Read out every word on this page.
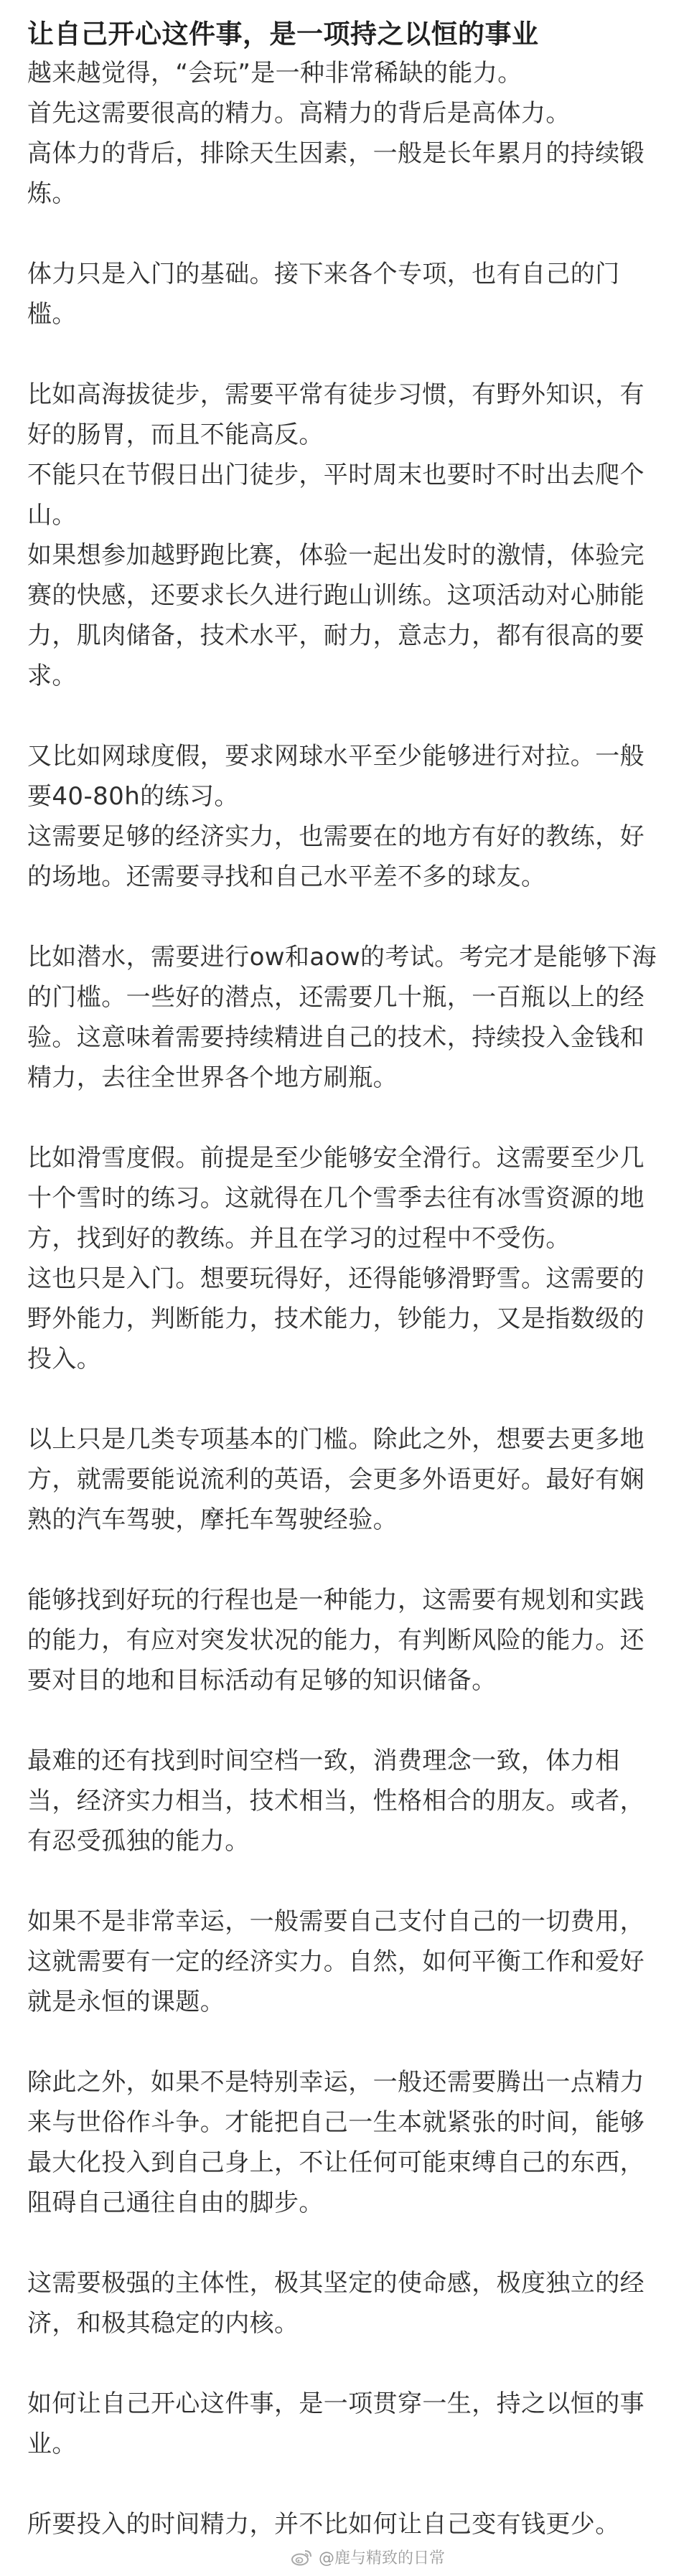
让自己开心这件事，是一项持之以恒的事业

越来越觉得，“会玩”是一种非常稀缺的能力。

首先这需要很高的精力。高精力的背后是高体力。

高体力的背后，排除天生因素，一般是长年累月的持续锻炼。

体力只是入门的基础。接下来各个专项，也有自己的门槛。

比如高海拔徒步，需要平常有徒步习惯，有野外知识，有好的肠胃，而且不能高反。

不能只在节假日出门徒步，平时周末也要时不时出去爬个山。

如果想参加越野跑比赛，体验一起出发时的激情，体验完赛的快感，还要求长久进行跑山训练。这项活动对心肺能力，肌肉储备，技术水平，耐力，意志力，都有很高的要求。

又比如网球度假，要求网球水平至少能够进行对拉。一般要40-80h的练习。

这需要足够的经济实力，也需要在的地方有好的教练，好的场地。还需要寻找和自己水平差不多的球友。

比如潜水，需要进行ow和aow的考试。考完才是能够下海的门槛。一些好的潜点，还需要几十瓶，一百瓶以上的经验。这意味着需要持续精进自己的技术，持续投入金钱和精力，去往全世界各个地方刷瓶。

比如滑雪度假。前提是至少能够安全滑行。这需要至少几十个雪时的练习。这就得在几个雪季去往有冰雪资源的地方，找到好的教练。并且在学习的过程中不受伤。

这也只是入门。想要玩得好，还得能够滑野雪。这需要的野外能力，判断能力，技术能力，钞能力，又是指数级的投入。

以上只是几类专项基本的门槛。除此之外，想要去更多地方，就需要能说流利的英语，会更多外语更好。最好有娴熟的汽车驾驶，摩托车驾驶经验。

能够找到好玩的行程也是一种能力，这需要有规划和实践的能力，有应对突发状况的能力，有判断风险的能力。还要对目的地和目标活动有足够的知识储备。

最难的还有找到时间空档一致，消费理念一致，体力相当，经济实力相当，技术相当，性格相合的朋友。或者，有忍受孤独的能力。

如果不是非常幸运，一般需要自己支付自己的一切费用，这就需要有一定的经济实力。自然，如何平衡工作和爱好就是永恒的课题。

除此之外，如果不是特别幸运，一般还需要腾出一点精力来与世俗作斗争。才能把自己一生本就紧张的时间，能够最大化投入到自己身上，不让任何可能束缚自己的东西，阻碍自己通往自由的脚步。

这需要极强的主体性，极其坚定的使命感，极度独立的经济，和极其稳定的内核。

如何让自己开心这件事，是一项贯穿一生，持之以恒的事业。

所要投入的时间精力，并不比如何让自己变有钱更少。

@鹿与精致的日常
